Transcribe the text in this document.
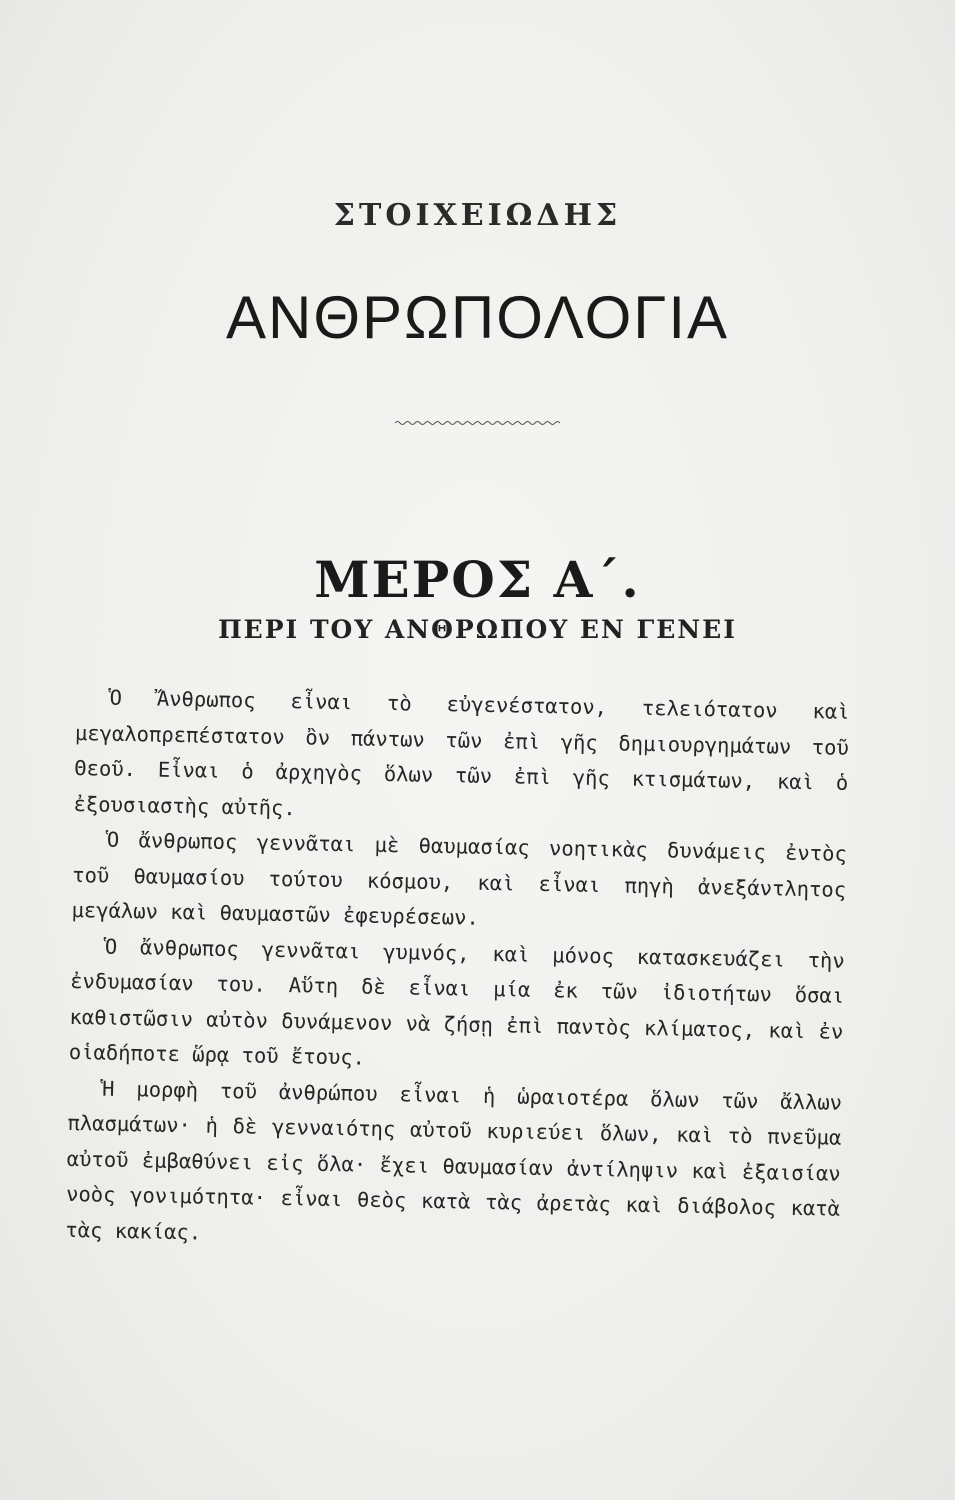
ΣΤΟΙΧΕΙΩΔΗΣ
ΑΝΘΡΩΠΟΛΟΓΙΑ
ΜΕΡΟΣ Α΄.
ΠΕΡΙ ΤΟΥ ΑΝΘΡΩΠΟΥ ΕΝ ΓΕΝΕΙ

Ὁ Ἄνθρωπος εἶναι τὸ εὐγενέστατον, τελειότατον καὶ μεγαλοπρεπέστατον ὂν πάντων τῶν ἐπὶ γῆς δημιουργημάτων τοῦ Θεοῦ. Εἶναι ὁ ἀρχηγὸς ὅλων τῶν ἐπὶ γῆς κτισμάτων, καὶ ὁ ἐξουσιαστὴς αὐτῆς.

Ὁ ἄνθρωπος γεννᾶται μὲ θαυμασίας νοητικὰς δυνάμεις ἐντὸς τοῦ θαυμασίου τούτου κόσμου, καὶ εἶναι πηγὴ ἀνεξάντλητος μεγάλων καὶ θαυμαστῶν ἐφευρέσεων.

Ὁ ἄνθρωπος γεννᾶται γυμνός, καὶ μόνος κατασκευάζει τὴν ἐνδυμασίαν του. Αὕτη δὲ εἶναι μία ἐκ τῶν ἰδιοτήτων ὅσαι καθιστῶσιν αὐτὸν δυνάμενον νὰ ζήσῃ ἐπὶ παντὸς κλίματος, καὶ ἐν οἱαδήποτε ὥρᾳ τοῦ ἔτους.

Ἡ μορφὴ τοῦ ἀνθρώπου εἶναι ἡ ὡραιοτέρα ὅλων τῶν ἄλλων πλασμάτων· ἡ δὲ γενναιότης αὐτοῦ κυριεύει ὅλων, καὶ τὸ πνεῦμα αὐτοῦ ἐμβαθύνει εἰς ὅλα· ἔχει θαυμασίαν ἀντίληψιν καὶ ἐξαισίαν νοὸς γονιμότητα· εἶναι θεὸς κατὰ τὰς ἀρετὰς καὶ διάβολος κατὰ τὰς κακίας.
